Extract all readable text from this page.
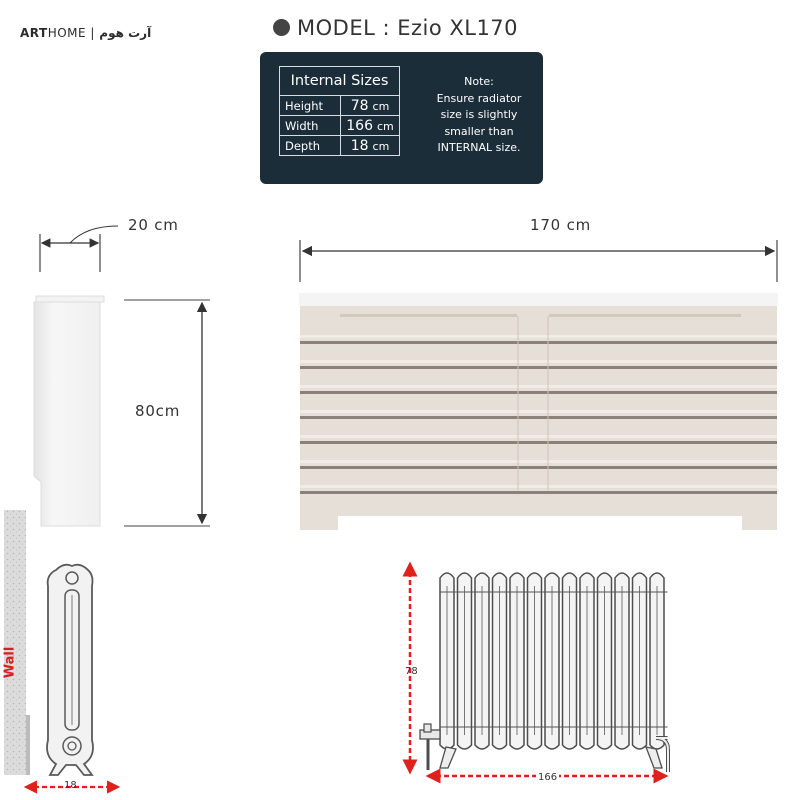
ARTHOME | آرت هوم	MODEL : Ezio XL170
Internal Sizes	
Height	78 cm
Width	166 cm
Depth	18 cm
Note:
Ensure radiator
size is slightly
smaller than
INTERNAL size.
Wall
20 cm	170 cm
80cm
18
78
166
